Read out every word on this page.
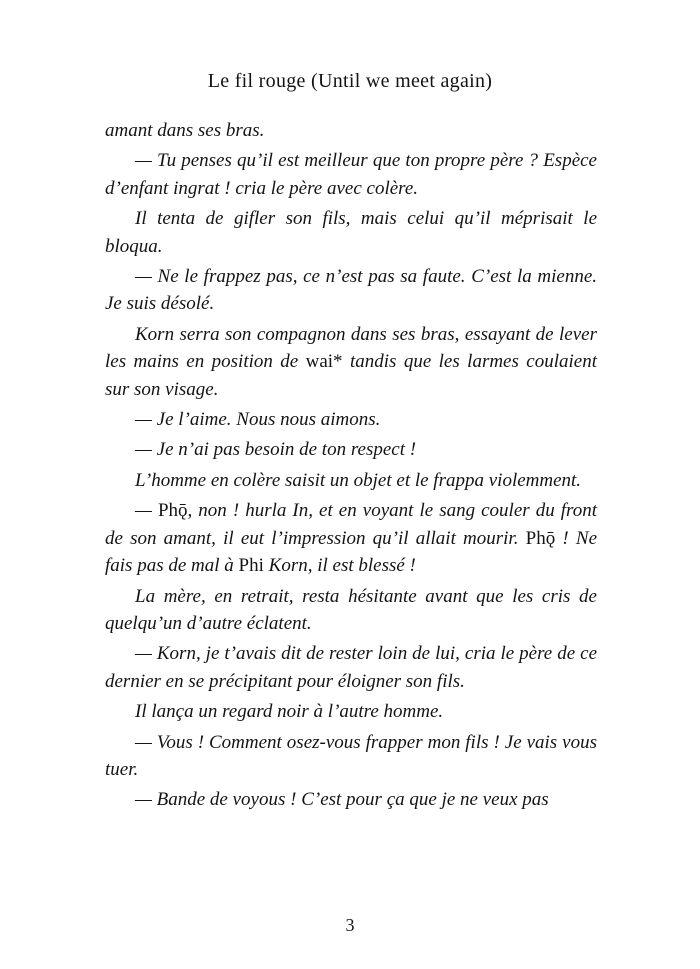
Le fil rouge (Until we meet again)

amant dans ses bras.

— Tu penses qu’il est meilleur que ton propre père ? Espèce d’enfant ingrat ! cria le père avec colère.

Il tenta de gifler son fils, mais celui qu’il méprisait le bloqua.

— Ne le frappez pas, ce n’est pas sa faute. C’est la mienne. Je suis désolé.

Korn serra son compagnon dans ses bras, essayant de lever les mains en position de wai* tandis que les larmes coulaient sur son visage.

— Je l’aime. Nous nous aimons.

— Je n’ai pas besoin de ton respect !

L’homme en colère saisit un objet et le frappa violemment.

— Phǭ, non ! hurla In, et en voyant le sang couler du front de son amant, il eut l’impression qu’il allait mourir. Phǭ ! Ne fais pas de mal à Phi Korn, il est blessé !

La mère, en retrait, resta hésitante avant que les cris de quelqu’un d’autre éclatent.

— Korn, je t’avais dit de rester loin de lui, cria le père de ce dernier en se précipitant pour éloigner son fils.

Il lança un regard noir à l’autre homme.

— Vous ! Comment osez-vous frapper mon fils ! Je vais vous tuer.

— Bande de voyous ! C’est pour ça que je ne veux pas

3
